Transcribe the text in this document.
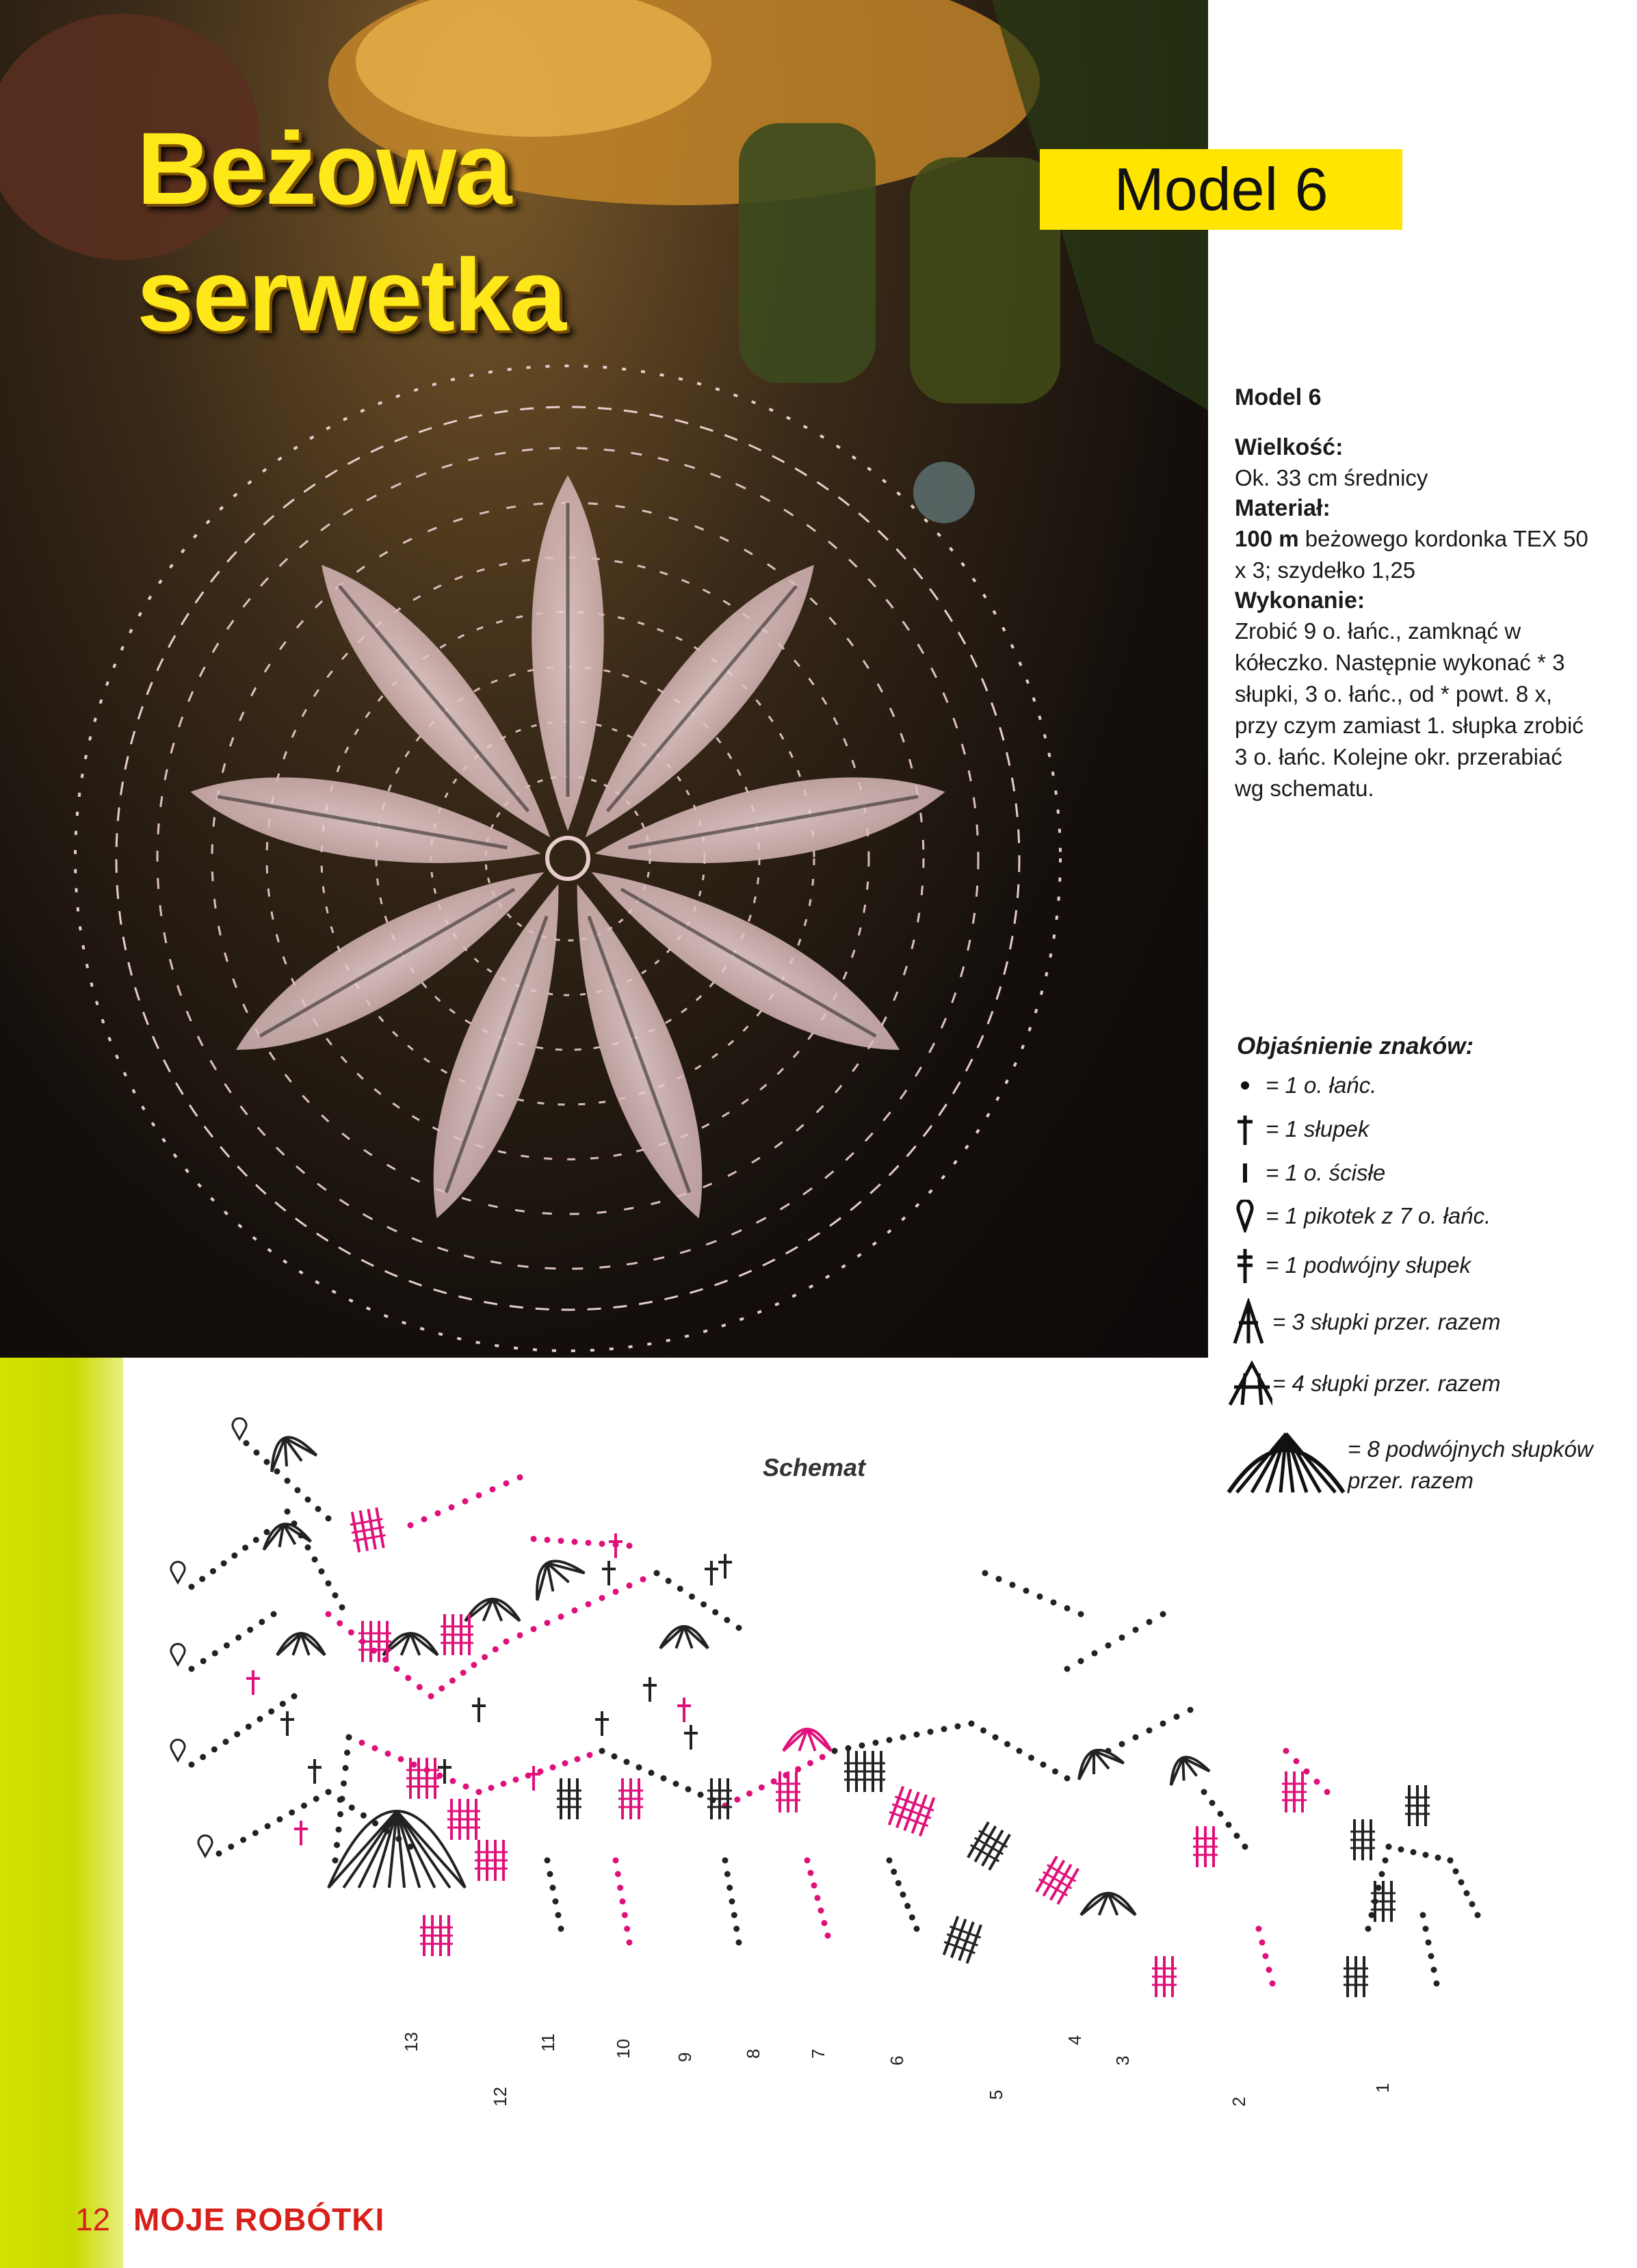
Beżowa
serwetka
Model 6

Model 6

Wielkość:

Ok. 33 cm średnicy

Materiał:

100 m beżowego kordonka TEX 50 x 3; szydełko 1,25

Wykonanie:

Zrobić 9 o. łańc., zamknąć w kółeczko. Następnie wykonać * 3 słupki, 3 o. łańc., od * powt. 8 x, przy czym zamiast 1. słupka zrobić 3 o. łańc. Kolejne okr. przerabiać wg schematu.

Objaśnienie znaków:

= 1 o. łańc.
= 1 słupek
= 1 o. ścisłe
= 1 pikotek z 7 o. łańc.
= 1 podwójny słupek
= 3 słupki przer. razem
= 4 słupki przer. razem
= 8 podwójnych słupków przer. razem
Schemat
1
2
3
4
5
6
7
8
9
10
11
12
13
12 MOJE ROBÓTKI
